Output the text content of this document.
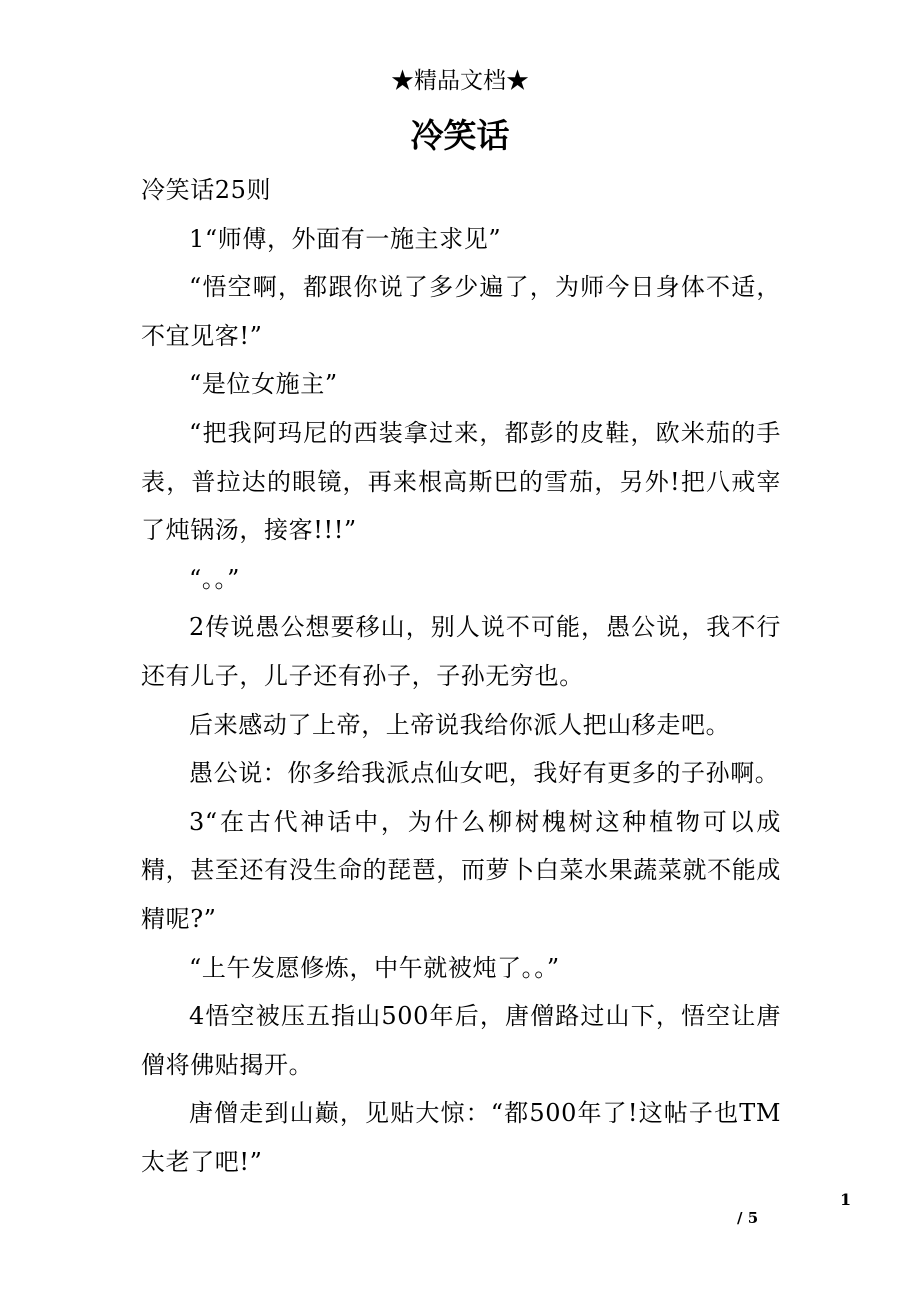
★精品文档★
冷笑话

冷笑话25则

1“师傅，外面有一施主求见”

“悟空啊，都跟你说了多少遍了，为师今日身体不适，不宜见客!”

“是位女施主”

“把我阿玛尼的西装拿过来，都彭的皮鞋，欧米茄的手表，普拉达的眼镜，再来根高斯巴的雪茄，另外!把八戒宰了炖锅汤，接客!!!”

“。。”

2传说愚公想要移山，别人说不可能，愚公说，我不行还有儿子，儿子还有孙子，子孙无穷也。

后来感动了上帝，上帝说我给你派人把山移走吧。

愚公说：你多给我派点仙女吧，我好有更多的子孙啊。

3“在古代神话中，为什么柳树槐树这种植物可以成精，甚至还有没生命的琵琶，而萝卜白菜水果蔬菜就不能成精呢?”

“上午发愿修炼，中午就被炖了。。”

4悟空被压五指山500年后，唐僧路过山下，悟空让唐僧将佛贴揭开。

唐僧走到山巅，见贴大惊：“都500年了!这帖子也TM太老了吧!”

1
/ 5
